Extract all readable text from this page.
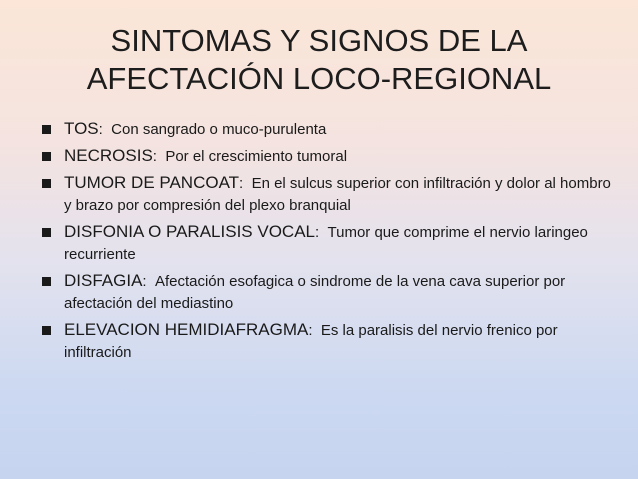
SINTOMAS Y SIGNOS DE LA
AFECTACIÓN LOCO-REGIONAL
TOS:  Con sangrado o muco-purulenta
NECROSIS:  Por el crescimiento tumoral
TUMOR DE PANCOAT:  En el sulcus superior con infiltración y dolor al hombro y brazo por compresión del plexo branquial
DISFONIA O PARALISIS VOCAL:  Tumor que comprime el nervio laringeo recurriente
DISFAGIA:  Afectación esofagica o sindrome de la vena cava superior por afectación del mediastino
ELEVACION HEMIDIAFRAGMA:  Es la paralisis del nervio frenico por infiltración
